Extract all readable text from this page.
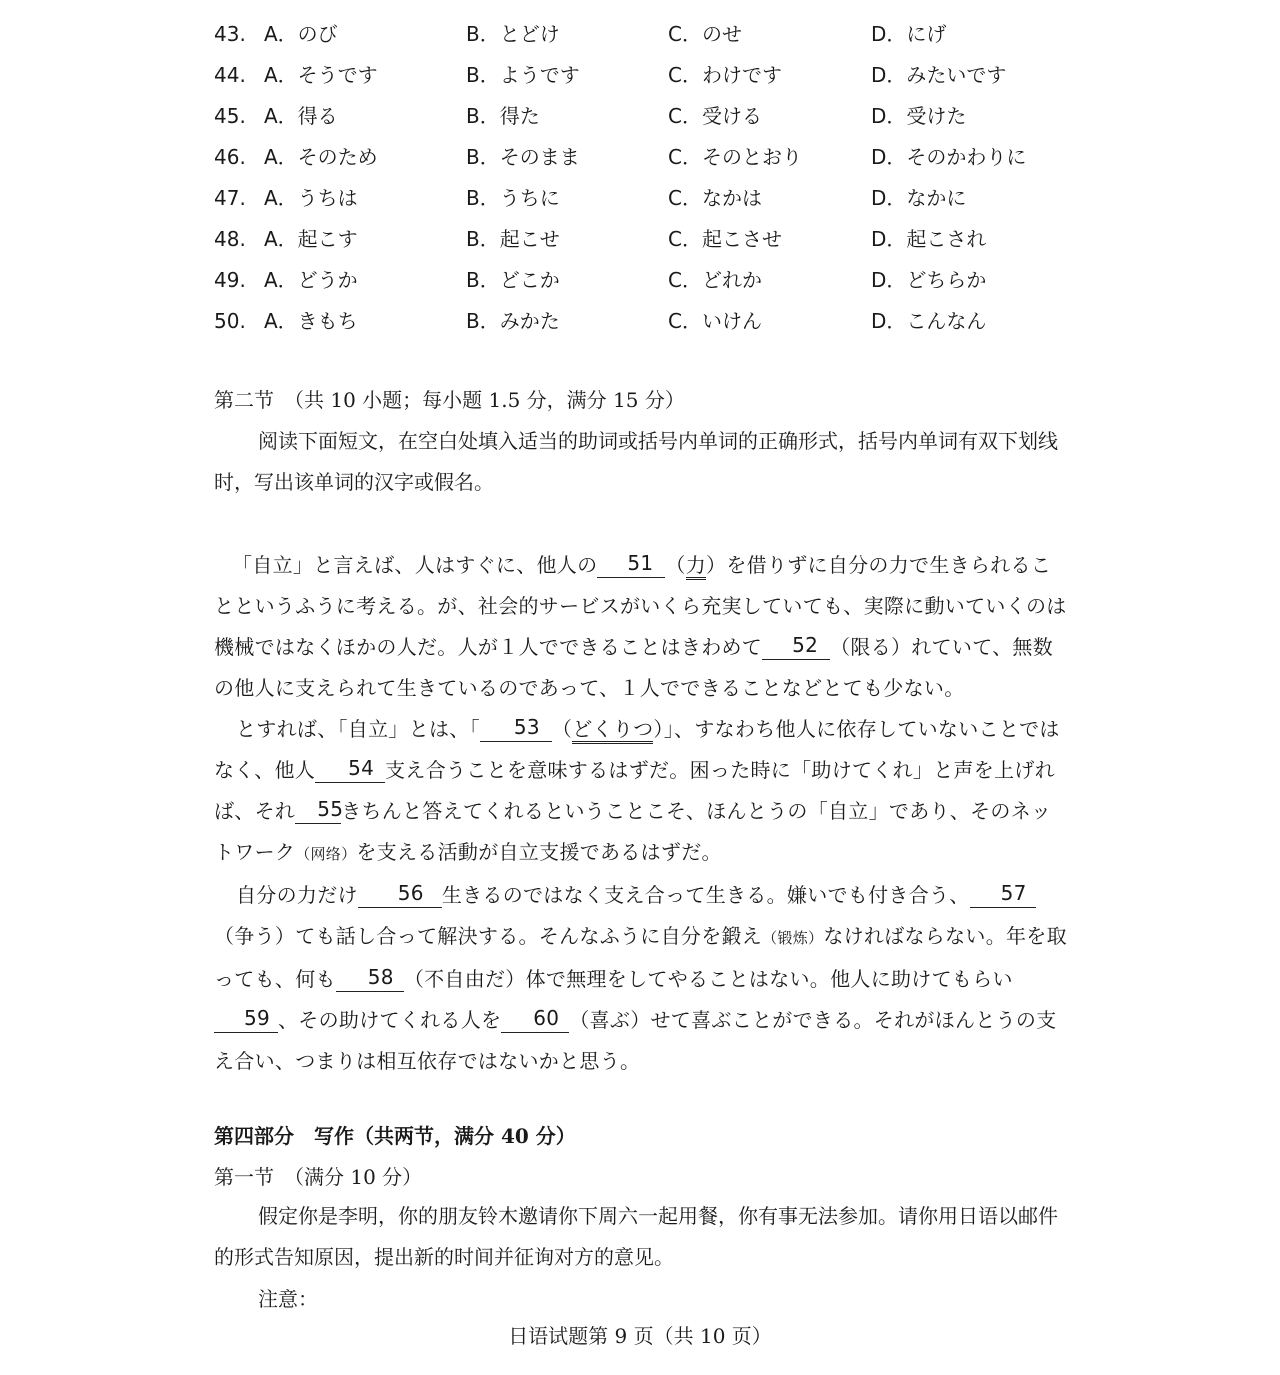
43. A．のび	B．とどけ	C．のせ	D．にげ
44. A．そうです	B．ようです	C．わけです	D．みたいです
45. A．得る	B．得た	C．受ける	D．受けた
46. A．そのため	B．そのまま	C．そのとおり	D．そのかわりに
47. A．うちは	B．うちに	C．なかは	D．なかに
48. A．起こす	B．起こせ	C．起こさせ	D．起こされ
49. A．どうか	B．どこか	C．どれか	D．どちらか
50. A．きもち	B．みかた	C．いけん	D．こんなん
第二节　（共 10 小题；每小题 1.5 分，满分 15 分）
阅读下面短文，在空白处填入适当的助词或括号内单词的正确形式，括号内单词有双下划线时，写出该单词的汉字或假名。

「自立」と言えば、人はすぐに、他人の 51 （力）を借りずに自分の力で生きられることというふうに考える。が、社会的サービスがいくら充実していても、実際に動いていくのは機械ではなくほかの人だ。人が１人でできることはきわめて 52 （限る）れていて、無数の他人に支えられて生きているのであって、１人でできることなどとても少ない。

とすれば、「自立」とは、「 53 （どくりつ）」、すなわち他人に依存していないことではなく、他人 54 支え合うことを意味するはずだ。困った時に「助けてくれ」と声を上げれば、それ 55きちんと答えてくれるということこそ、ほんとうの「自立」であり、そのネットワーク（网络）を支える活動が自立支援であるはずだ。

自分の力だけ 56 生きるのではなく支え合って生きる。嫌いでも付き合う、 57（争う）ても話し合って解決する。そんなふうに自分を鍛え（锻炼）なければならない。年を取っても、何も 58 （不自由だ）体で無理をしてやることはない。他人に助けてもらい59 、その助けてくれる人を 60 （喜ぶ）せて喜ぶことができる。それがほんとうの支え合い、つまりは相互依存ではないかと思う。

第四部分　写作（共两节，满分 40 分）
第一节　（满分 10 分）
假定你是李明，你的朋友铃木邀请你下周六一起用餐，你有事无法参加。请你用日语以邮件的形式告知原因，提出新的时间并征询对方的意见。
注意：
日语试题第 9 页（共 10 页）
